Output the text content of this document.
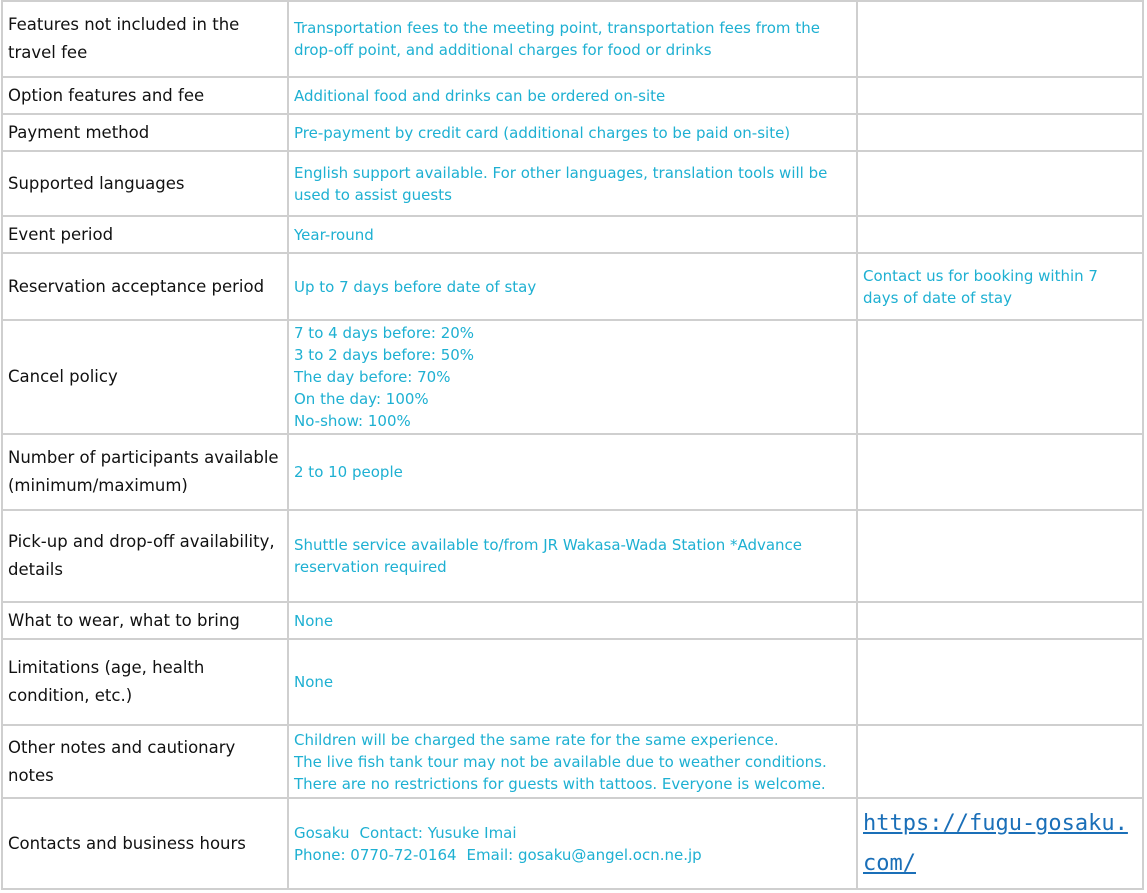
Features not included in the travel fee	Transportation fees to the meeting point, transportation fees from the drop-off point, and additional charges for food or drinks	
Option features and fee	Additional food and drinks can be ordered on-site	
Payment method	Pre-payment by credit card (additional charges to be paid on-site)	
Supported languages	English support available. For other languages, translation tools will be used to assist guests	
Event period	Year-round	
Reservation acceptance period	Up to 7 days before date of stay	Contact us for booking within 7 days of date of stay
Cancel policy	7 to 4 days before: 20%
3 to 2 days before: 50%
The day before: 70%
On the day: 100%
No-show: 100%	

Number of participants available (minimum/maximum)	2 to 10 people	
Pick-up and drop-off availability, details	Shuttle service available to/from JR Wakasa-Wada Station *Advance reservation required	
What to wear, what to bring	None	
Limitations (age, health condition, etc.)	None	
Other notes and cautionary notes	Children will be charged the same rate for the same experience.
The live fish tank tour may not be available due to weather conditions.
There are no restrictions for guests with tattoos. Everyone is welcome.	

Contacts and business hours	Gosaku Contact: Yusuke Imai
Phone: 0770-72-0164 Email: gosaku@angel.ocn.ne.jp	https://fugu-gosaku.com/
